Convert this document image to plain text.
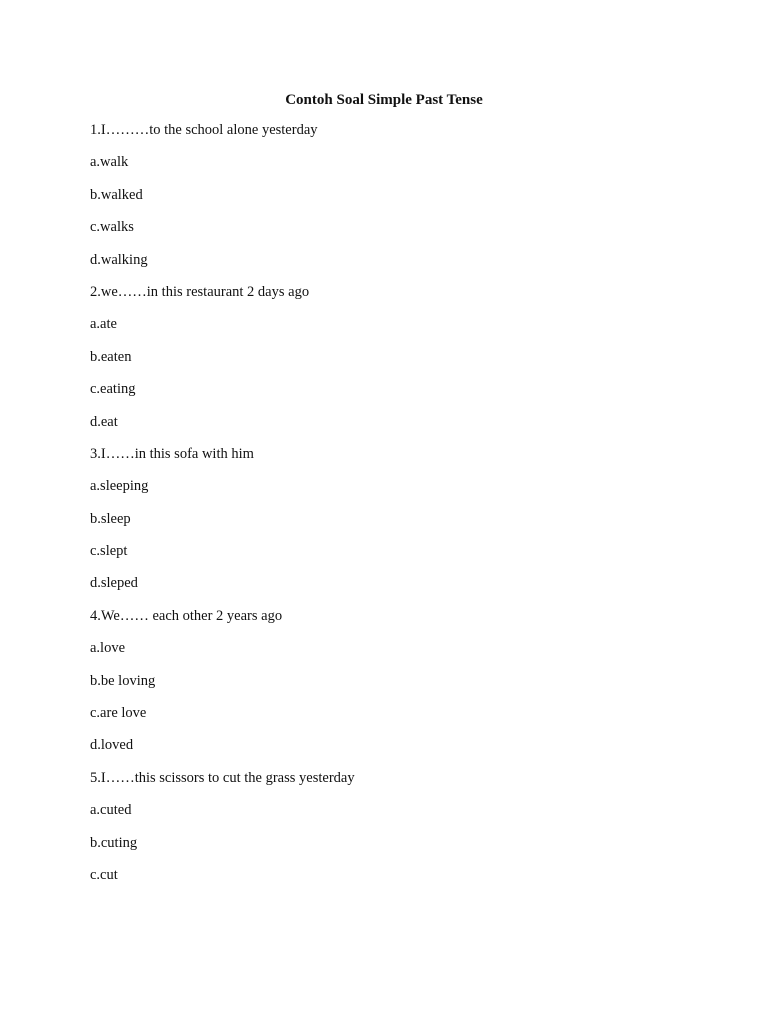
Contoh Soal Simple Past Tense
1.I………to the school alone yesterday
a.walk
b.walked
c.walks
d.walking
2.we……in this restaurant 2 days ago
a.ate
b.eaten
c.eating
d.eat
3.I……in this sofa with him
a.sleeping
b.sleep
c.slept
d.sleped
4.We…… each other 2 years ago
a.love
b.be loving
c.are love
d.loved
5.I……this scissors to cut the grass yesterday
a.cuted
b.cuting
c.cut
